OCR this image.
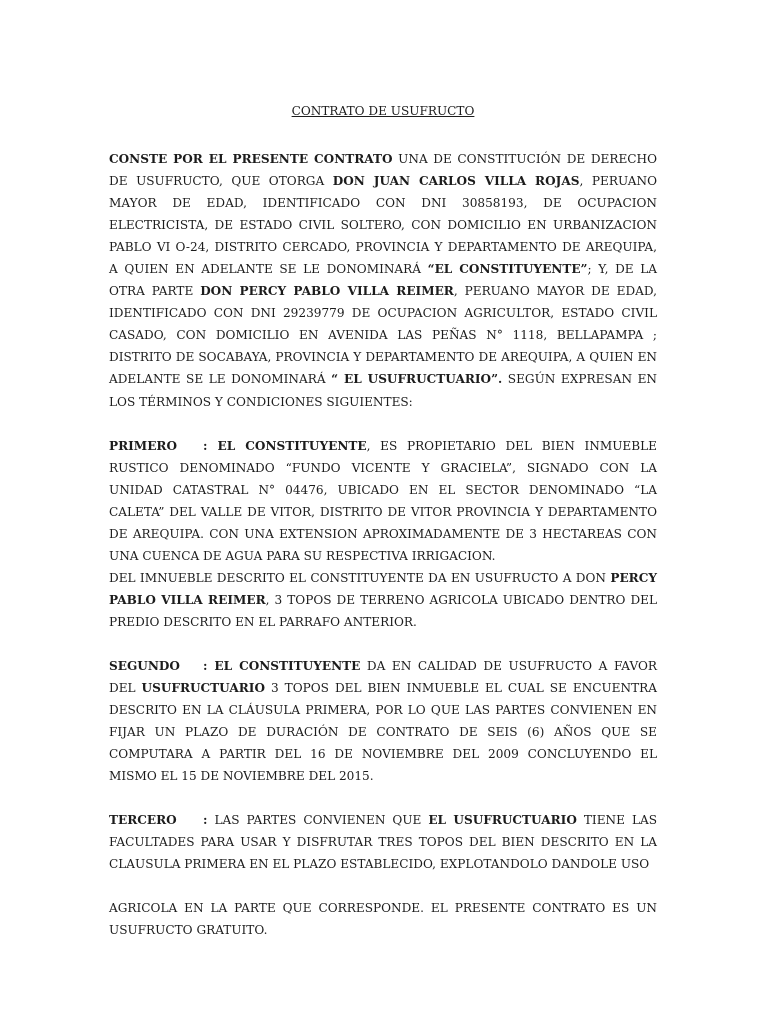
CONTRATO DE USUFRUCTO

CONSTE POR EL PRESENTE CONTRATO UNA DE CONSTITUCIÓN DE DERECHO DE USUFRUCTO, QUE OTORGA DON JUAN CARLOS VILLA ROJAS, PERUANO MAYOR DE EDAD, IDENTIFICADO CON DNI 30858193, DE OCUPACION ELECTRICISTA, DE ESTADO CIVIL SOLTERO, CON DOMICILIO EN URBANIZACION PABLO VI O-24, DISTRITO CERCADO, PROVINCIA Y DEPARTAMENTO DE AREQUIPA, A QUIEN EN ADELANTE SE LE DONOMINARÁ “EL CONSTITUYENTE”; Y, DE LA OTRA PARTE DON PERCY PABLO VILLA REIMER, PERUANO MAYOR DE EDAD, IDENTIFICADO CON DNI 29239779 DE OCUPACION AGRICULTOR, ESTADO CIVIL CASADO, CON DOMICILIO EN AVENIDA LAS PEÑAS N° 1118, BELLAPAMPA ; DISTRITO DE SOCABAYA, PROVINCIA Y DEPARTAMENTO DE AREQUIPA, A QUIEN EN ADELANTE SE LE DONOMINARÁ “ EL USUFRUCTUARIO”. SEGÚN EXPRESAN EN LOS TÉRMINOS Y CONDICIONES SIGUIENTES:

PRIMERO : EL CONSTITUYENTE, ES PROPIETARIO DEL BIEN INMUEBLE RUSTICO DENOMINADO “FUNDO VICENTE Y GRACIELA”, SIGNADO CON LA UNIDAD CATASTRAL N° 04476, UBICADO EN EL SECTOR DENOMINADO “LA CALETA” DEL VALLE DE VITOR, DISTRITO DE VITOR PROVINCIA Y DEPARTAMENTO DE AREQUIPA. CON UNA EXTENSION APROXIMADAMENTE DE 3 HECTAREAS CON UNA CUENCA DE AGUA PARA SU RESPECTIVA IRRIGACION.

DEL IMNUEBLE DESCRITO EL CONSTITUYENTE DA EN USUFRUCTO A DON PERCY PABLO VILLA REIMER, 3 TOPOS DE TERRENO AGRICOLA UBICADO DENTRO DEL PREDIO DESCRITO EN EL PARRAFO ANTERIOR.

SEGUNDO : EL CONSTITUYENTE DA EN CALIDAD DE USUFRUCTO A FAVOR DEL USUFRUCTUARIO 3 TOPOS DEL BIEN INMUEBLE EL CUAL SE ENCUENTRA DESCRITO EN LA CLÁUSULA PRIMERA, POR LO QUE LAS PARTES CONVIENEN EN FIJAR UN PLAZO DE DURACIÓN DE CONTRATO DE SEIS (6) AÑOS QUE SE COMPUTARA A PARTIR DEL 16 DE NOVIEMBRE DEL 2009 CONCLUYENDO EL MISMO EL 15 DE NOVIEMBRE DEL 2015.

TERCERO : LAS PARTES CONVIENEN QUE EL USUFRUCTUARIO TIENE LAS FACULTADES PARA USAR Y DISFRUTAR TRES TOPOS DEL BIEN DESCRITO EN LA CLAUSULA PRIMERA EN EL PLAZO ESTABLECIDO, EXPLOTANDOLO DANDOLE USO

AGRICOLA EN LA PARTE QUE CORRESPONDE. EL PRESENTE CONTRATO ES UN USUFRUCTO GRATUITO.
